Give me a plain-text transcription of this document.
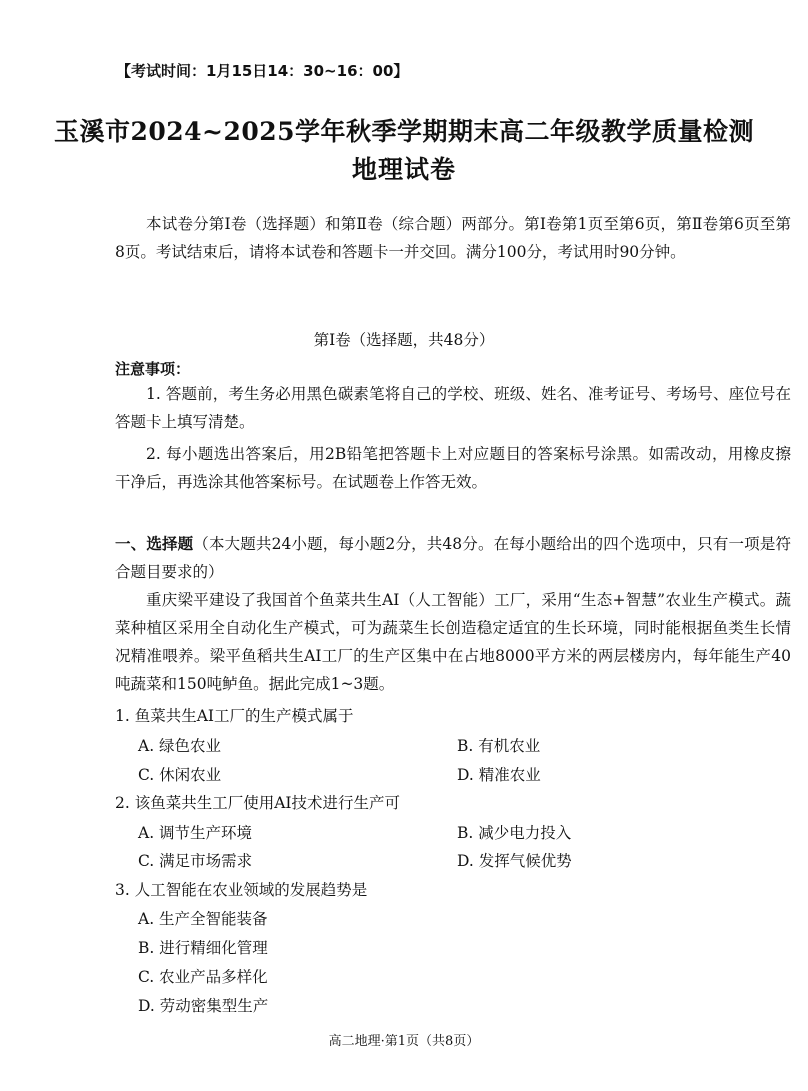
【考试时间：1月15日14：30~16：00】
玉溪市2024~2025学年秋季学期期末高二年级教学质量检测
地理试卷

本试卷分第Ⅰ卷（选择题）和第Ⅱ卷（综合题）两部分。第Ⅰ卷第1页至第6页，第Ⅱ卷第6页至第8页。考试结束后，请将本试卷和答题卡一并交回。满分100分，考试用时90分钟。

第Ⅰ卷（选择题，共48分）
注意事项：

1. 答题前，考生务必用黑色碳素笔将自己的学校、班级、姓名、准考证号、考场号、座位号在答题卡上填写清楚。

2. 每小题选出答案后，用2B铅笔把答题卡上对应题目的答案标号涂黑。如需改动，用橡皮擦干净后，再选涂其他答案标号。在试题卷上作答无效。

一、选择题（本大题共24小题，每小题2分，共48分。在每小题给出的四个选项中，只有一项是符合题目要求的）

重庆梁平建设了我国首个鱼菜共生AI（人工智能）工厂，采用“生态+智慧”农业生产模式。蔬菜种植区采用全自动化生产模式，可为蔬菜生长创造稳定适宜的生长环境，同时能根据鱼类生长情况精准喂养。梁平鱼稻共生AI工厂的生产区集中在占地8000平方米的两层楼房内，每年能生产40吨蔬菜和150吨鲈鱼。据此完成1~3题。

1. 鱼菜共生AI工厂的生产模式属于
A. 绿色农业	B. 有机农业
C. 休闲农业	D. 精准农业
2. 该鱼菜共生工厂使用AI技术进行生产可
A. 调节生产环境	B. 减少电力投入
C. 满足市场需求	D. 发挥气候优势
3. 人工智能在农业领域的发展趋势是
A. 生产全智能装备
B. 进行精细化管理
C. 农业产品多样化
D. 劳动密集型生产
高二地理·第1页（共8页）
